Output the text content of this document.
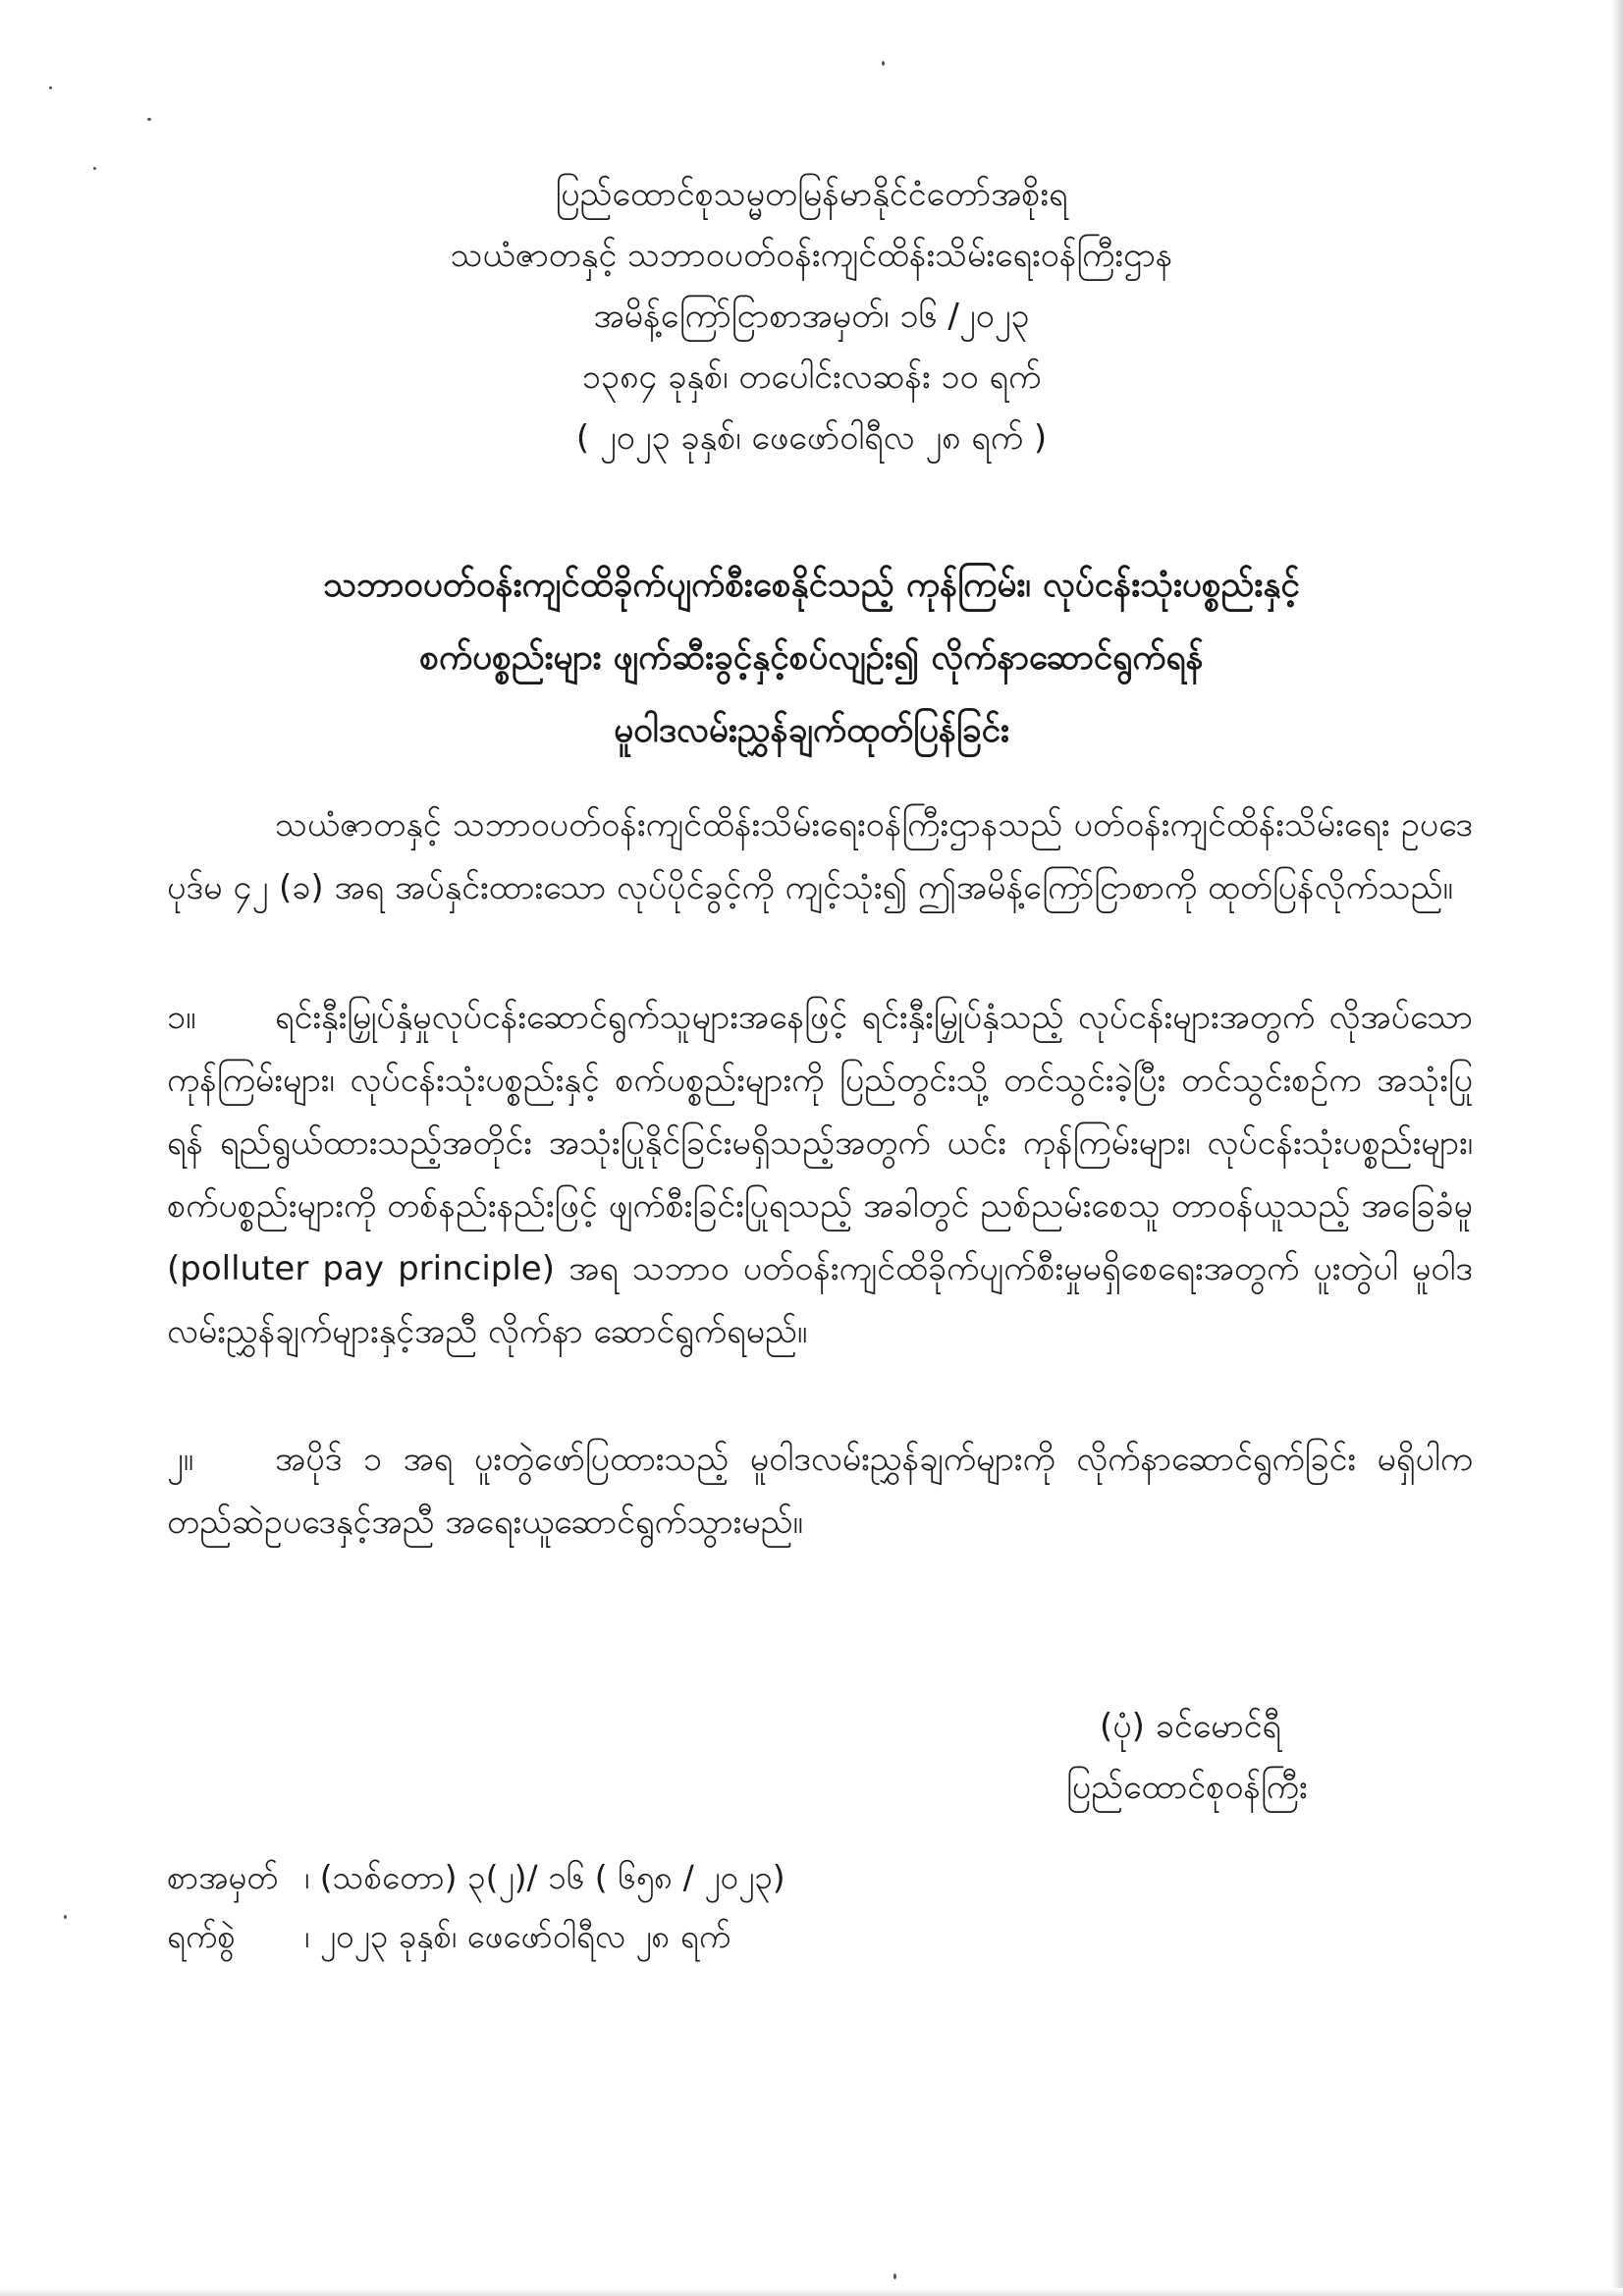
ပြည်ထောင်စုသမ္မတမြန်မာနိုင်ငံတော်အစိုးရ
သယံဇာတနှင့် သဘာဝပတ်ဝန်းကျင်ထိန်းသိမ်းရေးဝန်ကြီးဌာန
အမိန့်ကြော်ငြာစာအမှတ်၊ ၁၆ /၂၀၂၃
၁၃၈၄ ခုနှစ်၊ တပေါင်းလဆန်း ၁၀ ရက်
( ၂၀၂၃ ခုနှစ်၊ ဖေဖော်ဝါရီလ ၂၈ ရက် )
သဘာဝပတ်ဝန်းကျင်ထိခိုက်ပျက်စီးစေနိုင်သည့် ကုန်ကြမ်း၊ လုပ်ငန်းသုံးပစ္စည်းနှင့်
စက်ပစ္စည်းများ ဖျက်ဆီးခွင့်နှင့်စပ်လျဉ်း၍ လိုက်နာဆောင်ရွက်ရန်
မူဝါဒလမ်းညွှန်ချက်ထုတ်ပြန်ခြင်း
သယံဇာတနှင့် သဘာဝပတ်ဝန်းကျင်ထိန်းသိမ်းရေးဝန်ကြီးဌာနသည် ပတ်ဝန်းကျင်ထိန်းသိမ်းရေး ဥပဒေပုဒ်မ ၄၂ (ခ) အရ အပ်နှင်းထားသော လုပ်ပိုင်ခွင့်ကို ကျင့်သုံး၍ ဤအမိန့်ကြော်ငြာစာကို ထုတ်ပြန်လိုက်သည်။
၁။ ရင်းနှီးမြှုပ်နှံမှုလုပ်ငန်းဆောင်ရွက်သူများအနေဖြင့် ရင်းနှီးမြှုပ်နှံသည့် လုပ်ငန်းများအတွက် လိုအပ်သော ကုန်ကြမ်းများ၊ လုပ်ငန်းသုံးပစ္စည်းနှင့် စက်ပစ္စည်းများကို ပြည်တွင်းသို့ တင်သွင်းခဲ့ပြီး တင်သွင်းစဉ်က အသုံးပြုရန် ရည်ရွယ်ထားသည့်အတိုင်း အသုံးပြုနိုင်ခြင်းမရှိသည့်အတွက် ယင်း ကုန်ကြမ်းများ၊ လုပ်ငန်းသုံးပစ္စည်းများ၊ စက်ပစ္စည်းများကို တစ်နည်းနည်းဖြင့် ဖျက်စီးခြင်းပြုရသည့် အခါတွင် ညစ်ညမ်းစေသူ တာဝန်ယူသည့် အခြေခံမူ (polluter pay principle) အရ သဘာဝ ပတ်ဝန်းကျင်ထိခိုက်ပျက်စီးမှုမရှိစေရေးအတွက် ပူးတွဲပါ မူဝါဒလမ်းညွှန်ချက်များနှင့်အညီ လိုက်နာ ဆောင်ရွက်ရမည်။
၂။ အပိုဒ် ၁ အရ ပူးတွဲဖော်ပြထားသည့် မူဝါဒလမ်းညွှန်ချက်များကို လိုက်နာဆောင်ရွက်ခြင်း မရှိပါက တည်ဆဲဥပဒေနှင့်အညီ အရေးယူဆောင်ရွက်သွားမည်။
(ပုံ) ခင်မောင်ရီ
ပြည်ထောင်စုဝန်ကြီး
စာအမှတ် ၊ (သစ်တော) ၃(၂)/ ၁၆ ( ၆၅၈ / ၂၀၂၃)
ရက်စွဲ ၊ ၂၀၂၃ ခုနှစ်၊ ဖေဖော်ဝါရီလ ၂၈ ရက်
